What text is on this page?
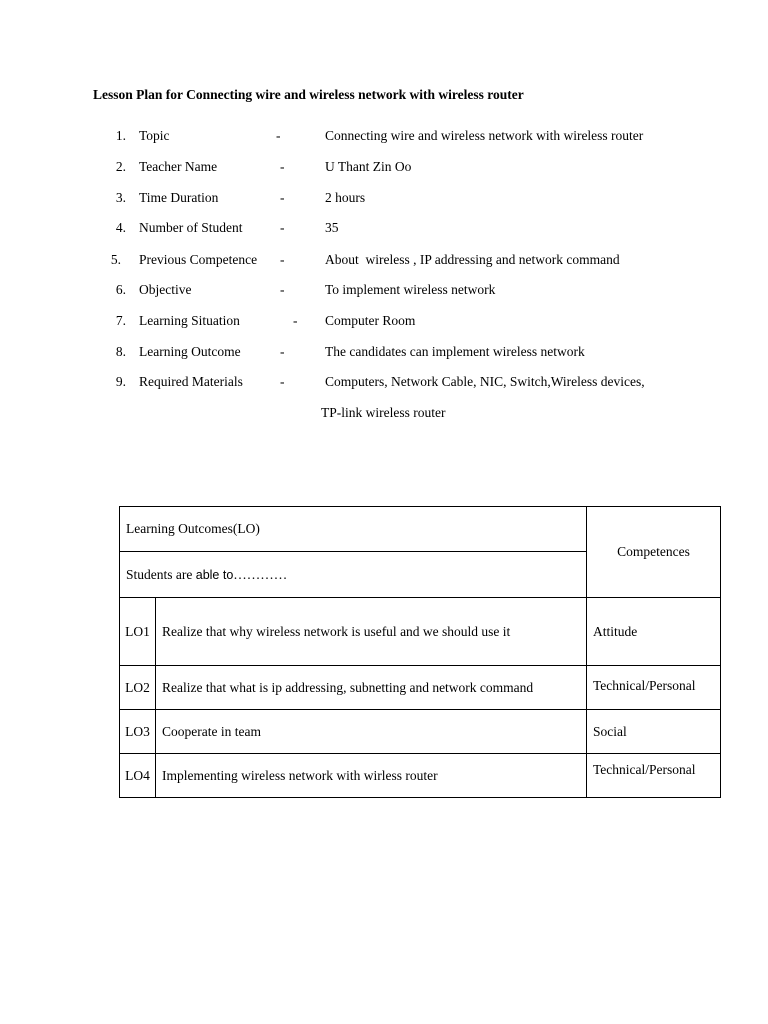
Lesson Plan for Connecting wire and wireless network with wireless router
1. Topic	-	Connecting wire and wireless network with wireless router
2. Teacher Name	-	U Thant Zin Oo
3. Time Duration	-	2 hours
4. Number of Student	-	35
5. Previous Competence -	About  wireless , IP addressing and network command
6. Objective	-	To implement wireless network
7. Learning Situation	- Computer Room
8. Learning Outcome	-	The candidates can implement wireless network
9. Required Materials	-	Computers, Network Cable, NIC, Switch,Wireless devices,
TP-link wireless router
Learning Outcomes(LO)		Competences
Students are able to…………		
LO1	Realize that why wireless network is useful and we should use it	Attitude
LO2	Realize that what is ip addressing, subnetting and network command	Technical/Personal
LO3	Cooperate in team	Social
LO4	Implementing wireless network with wirless router	Technical/Personal
